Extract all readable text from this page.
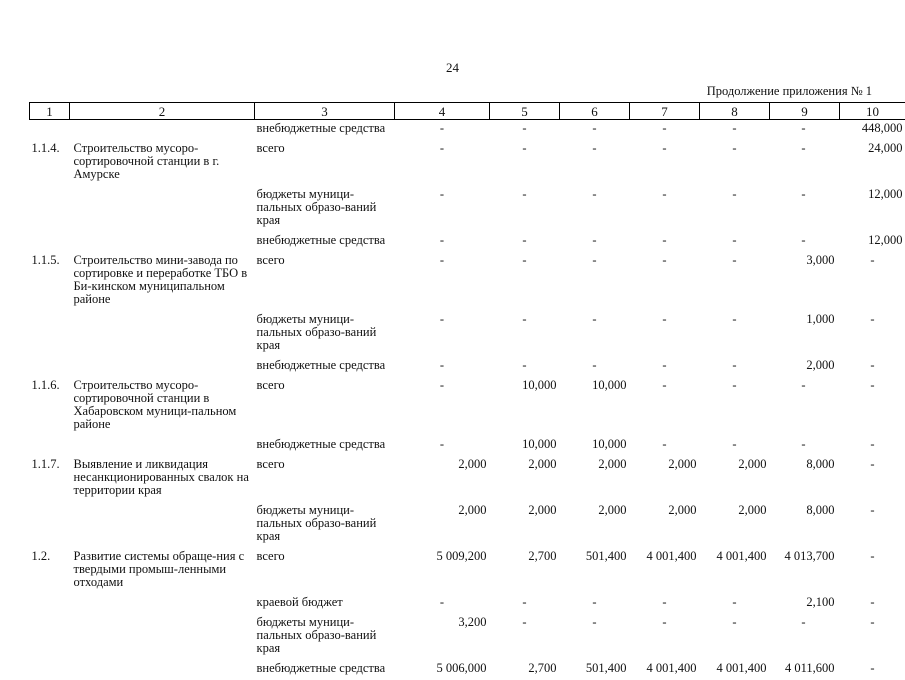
24
Продолжение приложения № 1
1	2	3	4	5	6	7	8	9	10
		внебюджетные средства	-	-	-	-	-	-	448,000
1.1.4.	Строительство мусоро-сортировочной станции в г. Амурске	всего	-	-	-	-	-	-	24,000
		бюджеты муници-пальных образо-ваний края	-	-	-	-	-	-	12,000
		внебюджетные средства	-	-	-	-	-	-	12,000
1.1.5.	Строительство мини-завода по сортировке и переработке ТБО в Би-кинском муниципальном районе	всего	-	-	-	-	-	3,000	-
		бюджеты муници-пальных образо-ваний края	-	-	-	-	-	1,000	-
		внебюджетные средства	-	-	-	-	-	2,000	-
1.1.6.	Строительство мусоро-сортировочной станции в Хабаровском муници-пальном районе	всего	-	10,000	10,000	-	-	-	-
		внебюджетные средства	-	10,000	10,000	-	-	-	-
1.1.7.	Выявление и ликвидация несанкционированных свалок на территории края	всего	2,000	2,000	2,000	2,000	2,000	8,000	-
		бюджеты муници-пальных образо-ваний края	2,000	2,000	2,000	2,000	2,000	8,000	-
1.2.	Развитие системы обраще-ния с твердыми промыш-ленными отходами	всего	5 009,200	2,700	501,400	4 001,400	4 001,400	4 013,700	-
		краевой бюджет	-	-	-	-	-	2,100	-
		бюджеты муници-пальных образо-ваний края	3,200	-	-	-	-	-	-
		внебюджетные средства	5 006,000	2,700	501,400	4 001,400	4 001,400	4 011,600	-
